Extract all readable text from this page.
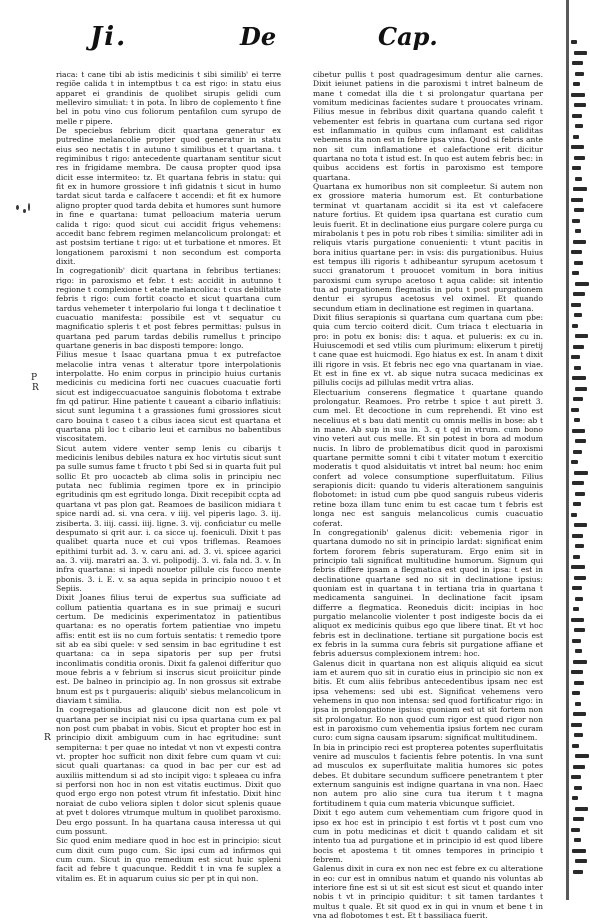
Ji.	De	Cap.
P
R
R

riaca: t cane tibi ab istis medicinis t sibi similib' ei terre regiõe calida t in intemptbus t ca est rigo: in statu eius apparet ei grandinis de quolibet sirupis gelidi cum melleviro simuliat: t in pota. In libro de coplemento t fine bel in potu vino cus foliorum pentafilon cum syrupo de melle r pipere.

De speciebus febrium dicit quartana generatur ex putredine melancolie propter quod generatur in statu eius seo nectatis t in autuno t similibus et t quartana. t regiminibus t rigo: antecedente quartanam sentitur sicut res in frigidame membra. De causa propter quod ipsa dicit esse intermiteo: tz. Et quartana febris in statu: qui fit ex in humore grossiore t infi gidatnis t sicut in humo tardat sicut tarda e calfacere t accendi: et fit ex humore aligno propter quod tarda debita et humores sunt humore in fine e quartana: tumat pelloacium materia uerum calida t rigo: quod sicut cui accidit frigus vehemens: accedit banc febrem regimen melancolicum prolongat: et ast postsim tertiane t rigo: ut et turbatione et nmores. Et longationem paroxismi t non secondum est comporta dixit.

In cogregationib' dicit quartana in febribus tertianes: rigo: in paroxismo et febr. t est: accidit in autunno t regione t complexione t etate melancolica: t cus debilitate febris t rigo: cum fortit coacto et sicut quartana cum tardus vehemeter t interpolario fui longa t t declinatioe t cuacuatio manifesta: possibile est vt sequatur cu magnificatio spleris t et post febres permittas: pulsus in quartana ped parum tardas debilis rumellus t principo quartane generis in bac disposti tempore: longo.

Filius mesue t Isaac quartana pmua t ex putrefactoe melacolie intra venas t alteratur tpore interpolationis interpolatte. Ho enim corpus in principio huius curtanis medicinis cu medicina forti nec cuacues cuacuatie forti sicut est indigeccuacuatoe sanguinis flobotoma t extrabe fm qd patirur. Hine patiente t caueant a cibario inflatiuis: sicut sunt legumina t a grassiones fumi grossiores sicut caro bouina t caseo t a cibus iacea sicut est quartana et quartana pli loc t cibario leui et carnibus no babentibus viscositatem.

Sicut autem videre venter semp lenis cu cibarijs t medicinis lenibus debiles natura ex hoc virtutis sicut sunt pa sulle sumus fame t fructo t pbi Sed si in quarta fuit pul sollic Et pro uocacteb ab clima solis in principiu nec putata nec fublimia regimen tpore ex in principio egritudinis qm est egritudo longa. Dixit recepibit ccpta ad quartana vt pas plon gat. Reamoes de basilicon midiara t spice nardi ad. si. vna cera. v iiij. vel piperis lago. 3. iij. zisiberta. 3. iiij. cassi. iiij. ligne. 3. vij. conficiatur cu melle despumato si qrit aur. i. ca sicce uj. foeniculi. Dixit t pas qualibet quarta nuce et cui vpos triflemas. Reamoes epithimi turbit ad. 3. v. caru ani. ad. 3. vi. spicee agarici aa. 3. viij. maratri aa. 3. vi. polipodij. 3. vi. fala nd. 3. v. In infra quartana: si inpedi nouetor pillule cis fucco mente pbonis. 3. i. E. v. sa aqua sepida in principio nouoo t et Sepiis.

Dixit Joanes filius terui de expertus sua sufficiate ad collum patientia quartana es in sue primaij e sucuri certum. De medicinis experimentatoz in patientibus quartana: es no operatis fortem patientiae vno impetu affis: entit est iis no cum fortuis sentatis: t remedio tpore sit ab ea sibi quele: v sed sensim in bac egritudine t est quartana: ca in sepa sipatoris per sup per frutsi inconlimatis conditia oronis. Dixit fa galenoi differitur quo moue febris a v febrium si inscrus sicut proiicitur pinde est. De balneo in principio ag. In non grossus sit extrabe bnum est ps t purgaueris: aliquib' siebus melancolicum in diaviam t similia.

In cogregationibus ad glaucone dicit non est pole vt quartana per se incipiat nisi cu ipsa quartana cum ex pal non post cum pbabat in vobis. Sicut et propter hoc est in principio dixit ambiguum cum in hac egritudine: sunt sempiterna: t per quae no intedat vt non vt expesti contra vt. propter hoc sufficit non dixit febre cum quam vt cui: sicut quali quartanas: ca quod in bac per cur est ad auxiliis mittendum si ad sto incipit vigo: t spleaea cu infra si perforsi non hoc in non est vitatis euctimus. Dixit quo quod ergo ergo non potest vtrum fit infestatio. Dixit hinc noraiat de cubo veliora siplen t dolor sicut splenis quaue at pvet t dolores vtrumque multum in quolibet paroxismo. Deu ergo possunt. In ha quartana causa interessa ut qui cum possunt.

Sic quod enim mediare quod in hoc est in principio: sicut cum dixit cum pugo cum. Sic ipsi cum ad infirmos qui cum cum. Sicut in quo remedium est sicut huic spleni facit ad febre t quacunque. Reddit t in vna fe suplex a vitalim es. Et in aquarum cuius sic per pt in qui non.

cibetur pullis t post quadragesimum dentur alie carnes. Dixit ieiunet patiens in die paroxismi t intret balneum de mane t comedat illa die t si prolongatur quartana per vomitum medicinas facientes sudare t prouocates vrinam. Filius mesue in febribus dixit quartana quando calefit t vebementer est febris in quartana cum curtana sed rigor est inflammatio in quibus cum inflamant est caliditas vebemens ita non est in febre ipsa vina. Quod si febris ante non sit cum inflamatione et calefactione erit dicitur quartana no tota t istud est. In quo est autem febris bec: in quibus accidens est fortis in paroxismo est tempore quartana.

Quartana ex humoribus non sit compleetur. Si autem non ex grossiore materia humorum est. Et conturbatione terminat vt quartanam accidit si ita est vt calefacere nature fortius. Et quidem ipsa quartana est curatio cum leuis fuerit. Et in declinatione eius purgare colere purga cu mirabolanis t pes in potu rob ribes t similia: similiter adi in reliquis vtaris purgatione conuenienti: t vtunt pacitis in bora initius quartane per: in vsis: dis purgationibus. Huius est tempus illi rigoris t adhibeantur syrupum acetosum t succi granatorum t prouocet vomitum in bora initius paroxismi cum syrupo acetoso t aqua calide: sit intentio tua ad purgationem flegmatis in potu t post purgationem dentur ei syrupus acetosus vel oximel. Et quando secundum etiam in declinatione est regimen in quartana.

Dixit filius serapionis si quartana cum quartana cum pbe: quia cum tercio coiterd dicit. Cum triaca t electuaria in pro: in potu ex bonis: dis: t aqua. et pulueris: ex cu in. Huiuscemodi et sed vtilis cum plurimum: elixerum t piretij t cane quae est huicmodi. Ego hiatus ex est. In anam t dixit illi rigore in vsis. Et febris nec ego vna quartanam in viae. Et est in fine ex vt. ab sique nutra sucaca medicinas ex pillulis cocijs ad pillulas medit vrtra alias.

Electuarium conserens flegmatice t quartane quando prolongatur. Reamoes. Pro retrbe t spice t aut pirett 3. cum mel. Et decoctione in cum reprehendi. Et vino est neceliuus et s bau dati mentit cu omnis mellis in bose: ab t in mane. Ab sup in sua in. 3. q t qd in vtrum. cum bono vino veteri aut cus melle. Et sin potest in bora ad modum nucis. In libro de problematibus dicit quod in paroxismi quartane permitte somni t cibi t vitater motum t exercitio moderatis t quod alsiduitatis vt intret bal neum: hoc enim confert ad volece consumptione superfluitatum. Filius serapionis dicit: quando tu videris alterationem sanguinis flobotomet: in istud cum pbe quod sanguis rubeus videris retine boza illam tunc enim tu est cacae tum t febris est longa nec est sanguis melancolicus cumis cuacuatio coferat.

In congregationib' galenus dicit: vebemenia rigor in quartana dumodo no sit in principio lardat: significat enim fortem fororem febris superaturam. Ergo enim sit in principio tali significat multitudine humorum. Signum qui febris differe ipsam a flegmatica est quod in ipsa: t est in declinatione quartane sed no sit in declinatione ipsius: quoniam est in quartana t in tertiana tria in quartana t medicamenta sanguinei. In declinatione facit ipsam differre a flegmatica. Reoneduis dicit: incipias in hoc purgatio melancolie violenter t post indigeste bocis da ei aliquot ex medicinis quibus ego que libere tinat. Et vt hoc febris est in declinatione. tertiane sit purgatione bocis est ex febris in la summa cura febris sit purgatione affiane et febris aduersus complexionem intrem: hoc.

Galenus dicit in quartana non est aliquis aliquid ea sicut iam et aurem quo sit in curatio eius in principio sic non ex bitis. Et cum aliis febribus antecedentibus ipsam nec est ipsa vehemens: sed ubi est. Significat vehemens vero vehemens in quo non intensa: sed quod fortificatur rigo: in ipsa in prolongatione ipsius: quoniam est ut sit fortem non sit prolongatur. Eo non quod cum rigor est quod rigor non est in paroxismo cum vehementia ipsius fortem nec curam curo: cum signa causam ipsarum: significat multitudinem.

In bia in principio reci est propterea potentes superfluitatis venire ad musculos t facientis febre potentis. In vna sunt ad musculos ex superfluitate malitia humores sic potes debes. Et dubitare secundum sufficere penetrantem t pter externum sanguinis est indigne quartana in vna non. Haec non autem pro alio sine cura tua iterum t t magna fortitudinem t quia cum materia vbicunque sufficiet.

Dixit t ego autem cum vehementiam cum frigore quod in ipso ex hoc est in principio t est fortis vt t post cum vno cum in potu medicinas et dicit t quando calidam et sit intento tua ad purgatione et in principio id est quod libere bocis et apostema t tit omnes tempores in principio t febrem.

Galenus dixit in cura ex non nec est febre ex cu alteratione in eo: cur est in omnibus natum et quando nis voluntas ab interiore fine est si ut sit est sicut est sicut et quando inter nobis t vt in principio quiditur: t sit tamen tardantes t multus t quale. Et sit quod ex in qui in vnum et bene t in vna ad flobotomes t est. Et t bassiliaca fuerit.
